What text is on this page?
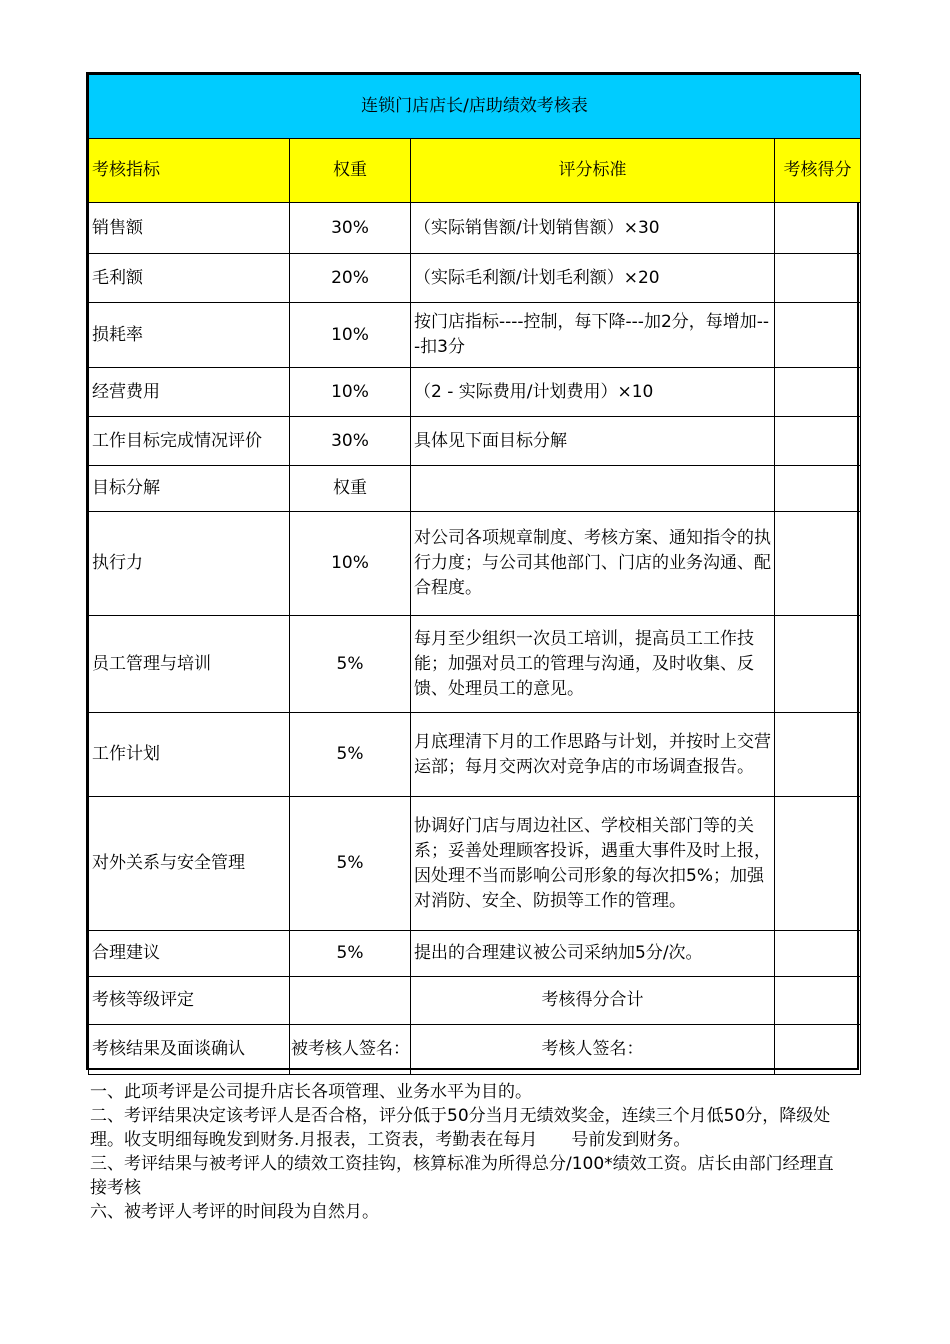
连锁门店店长/店助绩效考核表			
考核指标	权重	评分标准	考核得分
销售额	30%	（实际销售额/计划销售额）×30	
毛利额	20%	（实际毛利额/计划毛利额）×20	
损耗率	10%	按门店指标----控制，每下降---加2分，每增加---扣3分	
经营费用	10%	（2 - 实际费用/计划费用）×10	
工作目标完成情况评价	30%	具体见下面目标分解	
目标分解	权重		
执行力	10%	对公司各项规章制度、考核方案、通知指令的执行力度；与公司其他部门、门店的业务沟通、配合程度。	
员工管理与培训	5%	每月至少组织一次员工培训，提高员工工作技能；加强对员工的管理与沟通，及时收集、反馈、处理员工的意见。	
工作计划	5%	月底理清下月的工作思路与计划，并按时上交营运部；每月交两次对竞争店的市场调查报告。	
对外关系与安全管理	5%	协调好门店与周边社区、学校相关部门等的关系；妥善处理顾客投诉，遇重大事件及时上报，因处理不当而影响公司形象的每次扣5%；加强对消防、安全、防损等工作的管理。	
合理建议	5%	提出的合理建议被公司采纳加5分/次。	
考核等级评定		考核得分合计	
考核结果及面谈确认	被考核人签名：	考核人签名：	
一、此项考评是公司提升店长各项管理、业务水平为目的。
二、考评结果决定该考评人是否合格，评分低于50分当月无绩效奖金，连续三个月低50分，降级处理。收支明细每晚发到财务.月报表，工资表，考勤表在每月　　号前发到财务。
三、考评结果与被考评人的绩效工资挂钩，核算标准为所得总分/100*绩效工资。店长由部门经理直接考核
六、被考评人考评的时间段为自然月。
